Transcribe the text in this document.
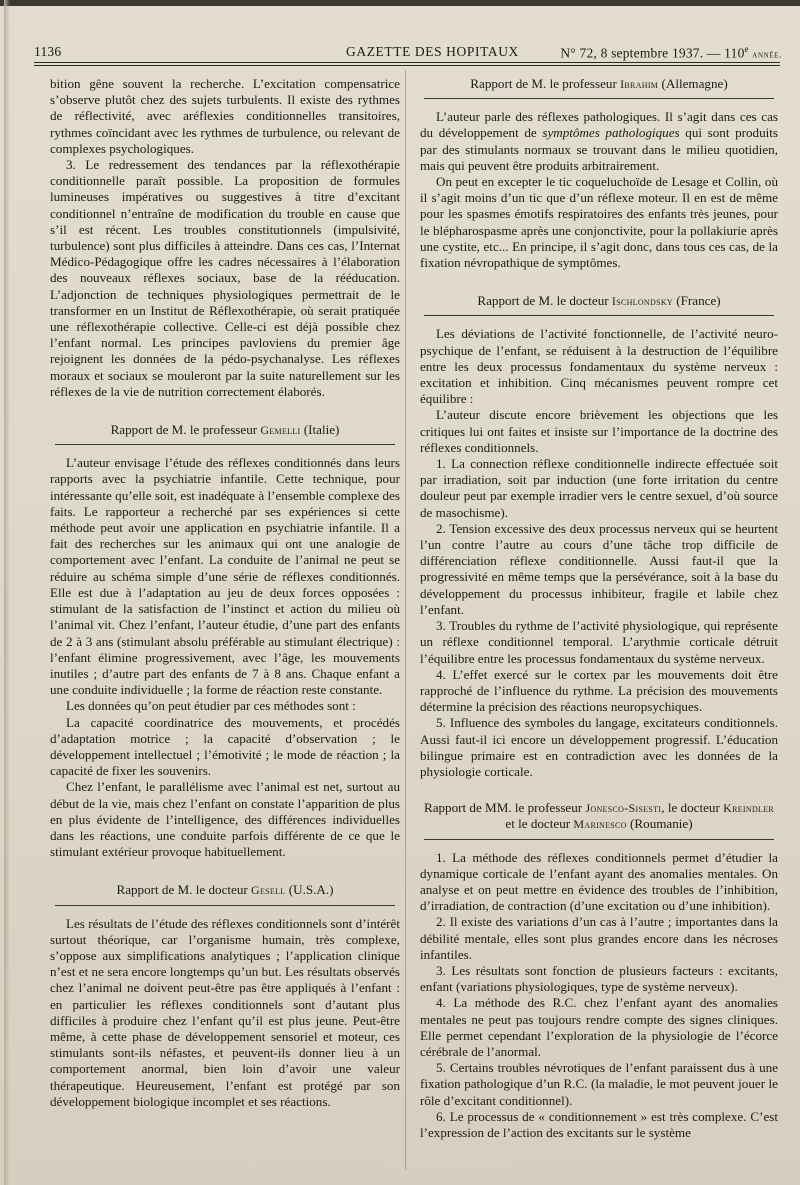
1136	GAZETTE DES HOPITAUX	N° 72, 8 septembre 1937. — 110e année.

bition gêne souvent la recherche. L’excitation compensatrice s’observe plutôt chez des sujets turbulents. Il existe des rythmes de réflectivité, avec aréflexies conditionnelles transitoires, rythmes coïncidant avec les rythmes de turbulence, ou relevant de complexes psychologiques.

3. Le redressement des tendances par la réflexothérapie conditionnelle paraît possible. La proposition de formules lumineuses impératives ou suggestives à titre d’excitant conditionnel n’entraîne de modification du trouble en cause que s’il est récent. Les troubles constitutionnels (impulsivité, turbulence) sont plus difficiles à atteindre. Dans ces cas, l’Internat Médico-Pédagogique offre les cadres nécessaires à l’élaboration des nouveaux réflexes sociaux, base de la rééducation. L’adjonction de techniques physiologiques permettrait de le transformer en un Institut de Réflexothérapie, où serait pratiquée une réflexothérapie collective. Celle-ci est déjà possible chez l’enfant normal. Les principes pavloviens du premier âge rejoignent les données de la pédo-psychanalyse. Les réflexes moraux et sociaux se mouleront par la suite naturellement sur les réflexes de la vie de nutrition correctement élaborés.

Rapport de M. le professeur Gemelli (Italie)

L’auteur envisage l’étude des réflexes conditionnés dans leurs rapports avec la psychiatrie infantile. Cette technique, pour intéressante qu’elle soit, est inadéquate à l’ensemble complexe des faits. Le rapporteur a recherché par ses expériences si cette méthode peut avoir une application en psychiatrie infantile. Il a fait des recherches sur les animaux qui ont une analogie de comportement avec l’enfant. La conduite de l’animal ne peut se réduire au schéma simple d’une série de réflexes conditionnés. Elle est due à l’adaptation au jeu de deux forces opposées : stimulant de la satisfaction de l’instinct et action du milieu où l’animal vit. Chez l’enfant, l’auteur étudie, d’une part des enfants de 2 à 3 ans (stimulant absolu préférable au stimulant électrique) : l’enfant élimine progressivement, avec l’âge, les mouvements inutiles ; d’autre part des enfants de 7 à 8 ans. Chaque enfant a une conduite individuelle ; la forme de réaction reste constante.

Les données qu’on peut étudier par ces méthodes sont :

La capacité coordinatrice des mouvements, et procédés d’adaptation motrice ; la capacité d’observation ; le développement intellectuel ; l’émotivité ; le mode de réaction ; la capacité de fixer les souvenirs.

Chez l’enfant, le parallélisme avec l’animal est net, surtout au début de la vie, mais chez l’enfant on constate l’apparition de plus en plus évidente de l’intelligence, des différences individuelles dans les réactions, une conduite parfois différente de ce que le stimulant extérieur provoque habituellement.

Rapport de M. le docteur Gesell (U.S.A.)

Les résultats de l’étude des réflexes conditionnels sont d’intérêt surtout théorique, car l’organisme humain, très complexe, s’oppose aux simplifications analytiques ; l’application clinique n’est et ne sera encore longtemps qu’un but. Les résultats observés chez l’animal ne doivent peut-être pas être appliqués à l’enfant : en particulier les réflexes conditionnels sont d’autant plus difficiles à produire chez l’enfant qu’il est plus jeune. Peut-être même, à cette phase de développement sensoriel et moteur, ces stimulants sont-ils néfastes, et peuvent-ils donner lieu à un comportement anormal, bien loin d’avoir une valeur thérapeutique. Heureusement, l’enfant est protégé par son développement biologique incomplet et ses réactions.

Rapport de M. le professeur Ibrahim (Allemagne)

L’auteur parle des réflexes pathologiques. Il s’agit dans ces cas du développement de symptômes pathologiques qui sont produits par des stimulants normaux se trouvant dans le milieu quotidien, mais qui peuvent être produits arbitrairement.

On peut en excepter le tic coqueluchoïde de Lesage et Collin, où il s’agit moins d’un tic que d’un réflexe moteur. Il en est de même pour les spasmes émotifs respiratoires des enfants très jeunes, pour le blépharospasme après une conjonctivite, pour la pollakiurie après une cystite, etc... En principe, il s’agit donc, dans tous ces cas, de la fixation névropathique de symptômes.

Rapport de M. le docteur Ischlondsky (France)

Les déviations de l’activité fonctionnelle, de l’activité neuro-psychique de l’enfant, se réduisent à la destruction de l’équilibre entre les deux processus fondamentaux du système nerveux : excitation et inhibition. Cinq mécanismes peuvent rompre cet équilibre :

L’auteur discute encore brièvement les objections que les critiques lui ont faites et insiste sur l’importance de la doctrine des réflexes conditionnels.

1. La connection réflexe conditionnelle indirecte effectuée soit par irradiation, soit par induction (une forte irritation du centre douleur peut par exemple irradier vers le centre sexuel, d’où source de masochisme).

2. Tension excessive des deux processus nerveux qui se heurtent l’un contre l’autre au cours d’une tâche trop difficile de différenciation réflexe conditionnelle. Aussi faut-il que la progressivité en même temps que la persévérance, soit à la base du développement du processus inhibiteur, fragile et labile chez l’enfant.

3. Troubles du rythme de l’activité physiologique, qui représente un réflexe conditionnel temporal. L’arythmie corticale détruit l’équilibre entre les processus fondamentaux du système nerveux.

4. L’effet exercé sur le cortex par les mouvements doit être rapproché de l’influence du rythme. La précision des mouvements détermine la précision des réactions neuropsychiques.

5. Influence des symboles du langage, excitateurs conditionnels. Aussi faut-il ici encore un développement progressif. L’éducation bilingue primaire est en contradiction avec les données de la physiologie corticale.

Rapport de MM. le professeur Jonesco-Sisesti, le docteur Kreindler et le docteur Marinesco (Roumanie)

1. La méthode des réflexes conditionnels permet d’étudier la dynamique corticale de l’enfant ayant des anomalies mentales. On analyse et on peut mettre en évidence des troubles de l’inhibition, d’irradiation, de contraction (d’une excitation ou d’une inhibition).

2. Il existe des variations d’un cas à l’autre ; importantes dans la débilité mentale, elles sont plus grandes encore dans les nécroses infantiles.

3. Les résultats sont fonction de plusieurs facteurs : excitants, enfant (variations physiologiques, type de système nerveux).

4. La méthode des R.C. chez l’enfant ayant des anomalies mentales ne peut pas toujours rendre compte des signes cliniques. Elle permet cependant l’exploration de la physiologie de l’écorce cérébrale de l’anormal.

5. Certains troubles névrotiques de l’enfant paraissent dus à une fixation pathologique d’un R.C. (la maladie, le mot peuvent jouer le rôle d’excitant conditionnel).

6. Le processus de « conditionnement » est très complexe. C’est l’expression de l’action des excitants sur le système
